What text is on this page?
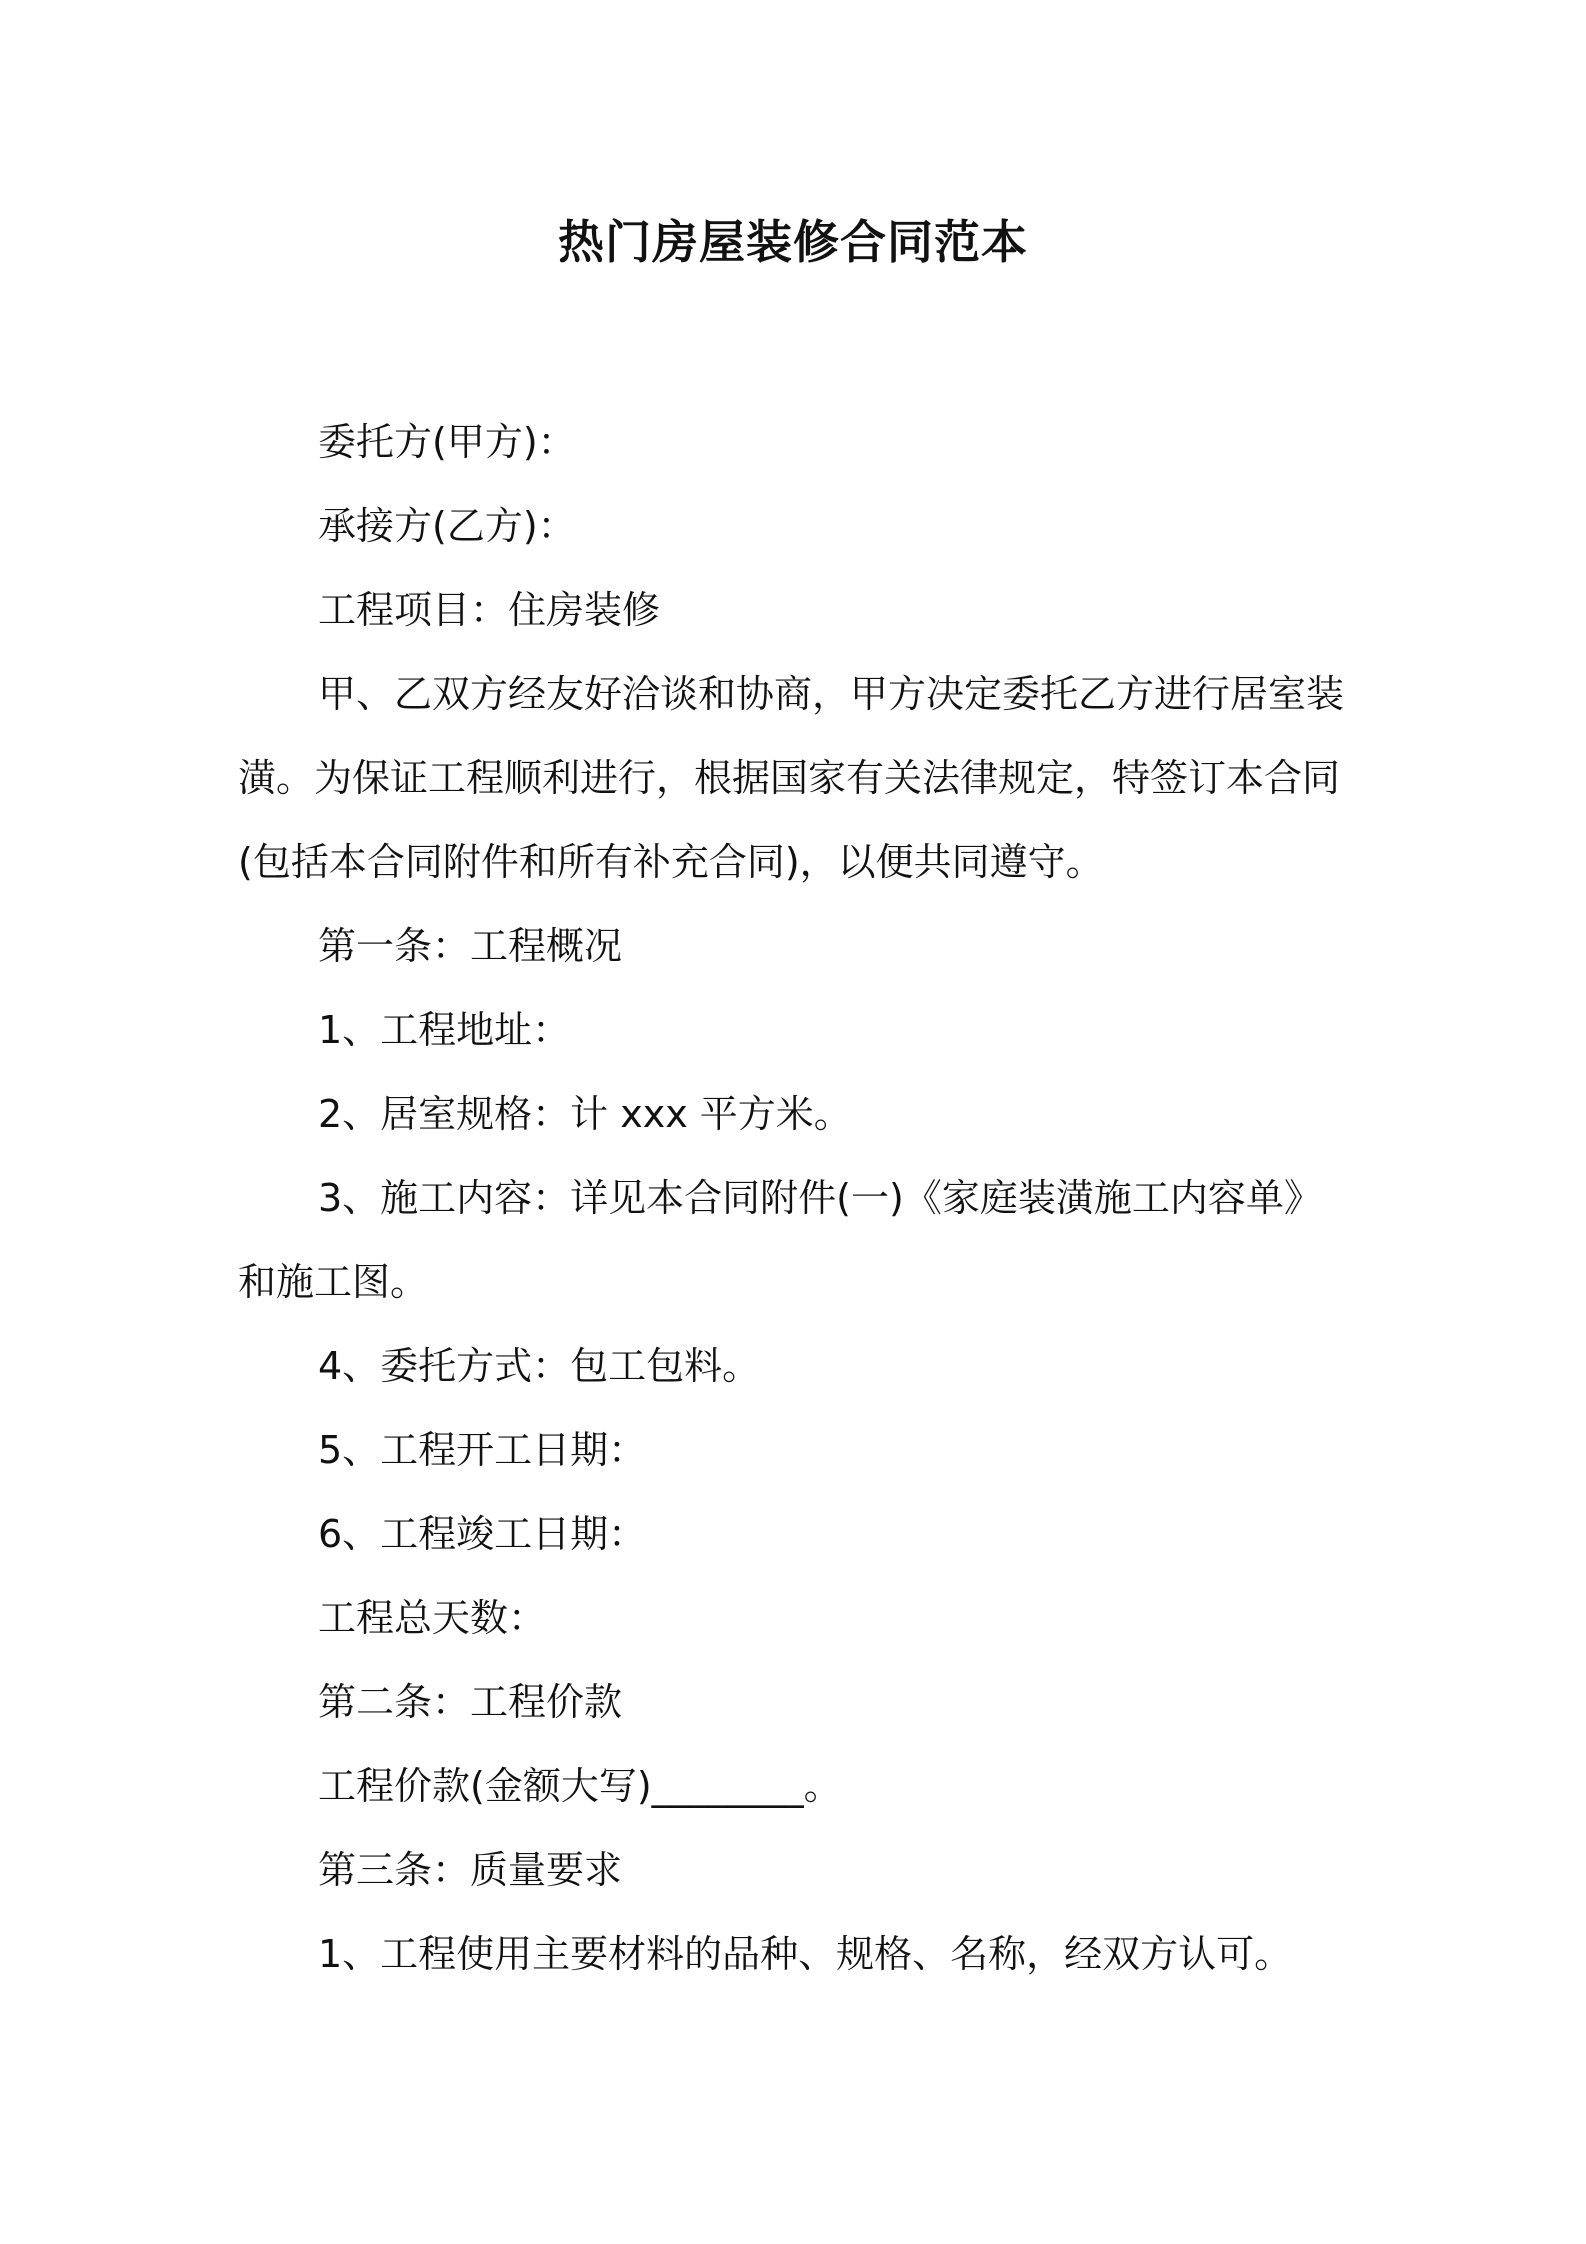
热门房屋装修合同范本

委托方(甲方)：

承接方(乙方)：

工程项目：住房装修

甲、乙双方经友好洽谈和协商，甲方决定委托乙方进行居室装潢。为保证工程顺利进行，根据国家有关法律规定，特签订本合同(包括本合同附件和所有补充合同)，以便共同遵守。

第一条：工程概况

1、工程地址：

2、居室规格：计 xxx 平方米。

3、施工内容：详见本合同附件(一)《家庭装潢施工内容单》和施工图。

4、委托方式：包工包料。

5、工程开工日期：

6、工程竣工日期：

工程总天数：

第二条：工程价款

工程价款(金额大写)________。

第三条：质量要求

1、工程使用主要材料的品种、规格、名称，经双方认可。
